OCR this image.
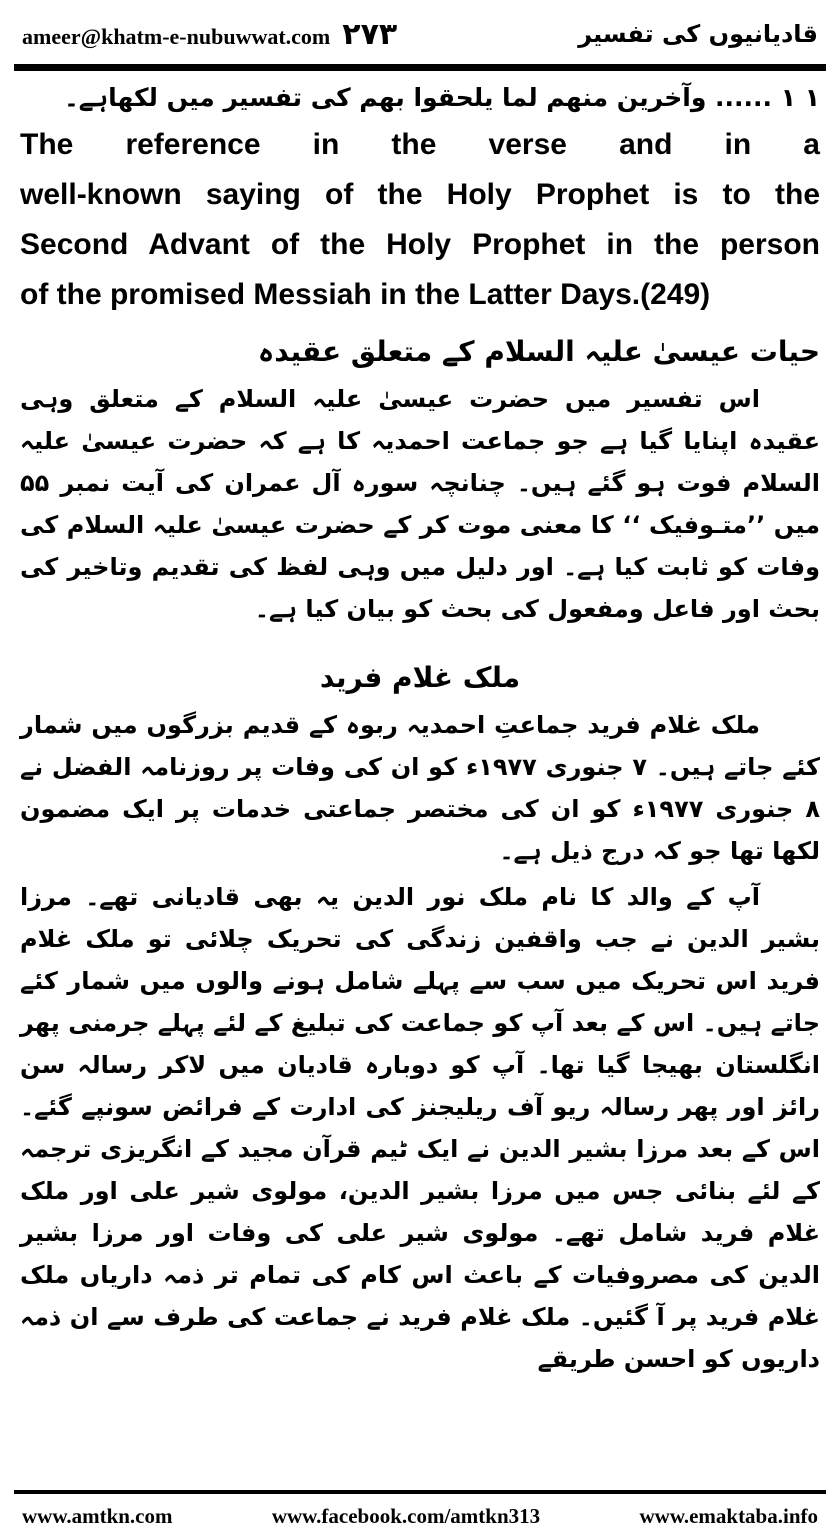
ameer@khatm-e-nubuwwat.com ۲۷۳	قادیانیوں کی تفسیر

۱ ۱ ...... وآخرین منھم لما یلحقوا بھم کی تفسیر میں لکھاہے۔

The reference in the verse and in a

well-known saying of the Holy Prophet is to the

Second Advant of the Holy Prophet in the person

of the promised Messiah in the Latter Days.(249)

حیات عیسیٰ علیہ السلام کے متعلق عقیدہ

اس تفسیر میں حضرت عیسیٰ علیہ السلام کے متعلق وہی عقیدہ اپنایا گیا ہے جو جماعت احمدیہ کا ہے کہ حضرت عیسیٰ علیہ السلام فوت ہو گئے ہیں۔ چنانچہ سورہ آل عمران کی آیت نمبر ۵۵ میں ’’متـوفیک ‘‘ کا معنی موت کر کے حضرت عیسیٰ علیہ السلام کی وفات کو ثابت کیا ہے۔ اور دلیل میں وہی لفظ کی تقدیم وتاخیر کی بحث اور فاعل ومفعول کی بحث کو بیان کیا ہے۔

ملک غلام فرید

ملک غلام فرید جماعتِ احمدیہ ربوہ کے قدیم بزرگوں میں شمار کئے جاتے ہیں۔ ۷ جنوری ۱۹۷۷ء کو ان کی وفات پر روزنامہ الفضل نے ۸ جنوری ۱۹۷۷ء کو ان کی مختصر جماعتی خدمات پر ایک مضمون لکھا تھا جو کہ درج ذیل ہے۔

آپ کے والد کا نام ملک نور الدین یہ بھی قادیانی تھے۔ مرزا بشیر الدین نے جب واقفین زندگی کی تحریک چلائی تو ملک غلام فرید اس تحریک میں سب سے پہلے شامل ہونے والوں میں شمار کئے جاتے ہیں۔ اس کے بعد آپ کو جماعت کی تبلیغ کے لئے پہلے جرمنی پھر انگلستان بھیجا گیا تھا۔ آپ کو دوبارہ قادیان میں لاکر رسالہ سن رائز اور پھر رسالہ ریو آف ریلیجنز کی ادارت کے فرائض سونپے گئے۔ اس کے بعد مرزا بشیر الدین نے ایک ٹیم قرآن مجید کے انگریزی ترجمہ کے لئے بنائی جس میں مرزا بشیر الدین، مولوی شیر علی اور ملک غلام فرید شامل تھے۔ مولوی شیر علی کی وفات اور مرزا بشیر الدین کی مصروفیات کے باعث اس کام کی تمام تر ذمہ داریاں ملک غلام فرید پر آ گئیں۔ ملک غلام فرید نے جماعت کی طرف سے ان ذمہ داریوں کو احسن طریقے

www.amtkn.com	www.facebook.com/amtkn313	www.emaktaba.info
